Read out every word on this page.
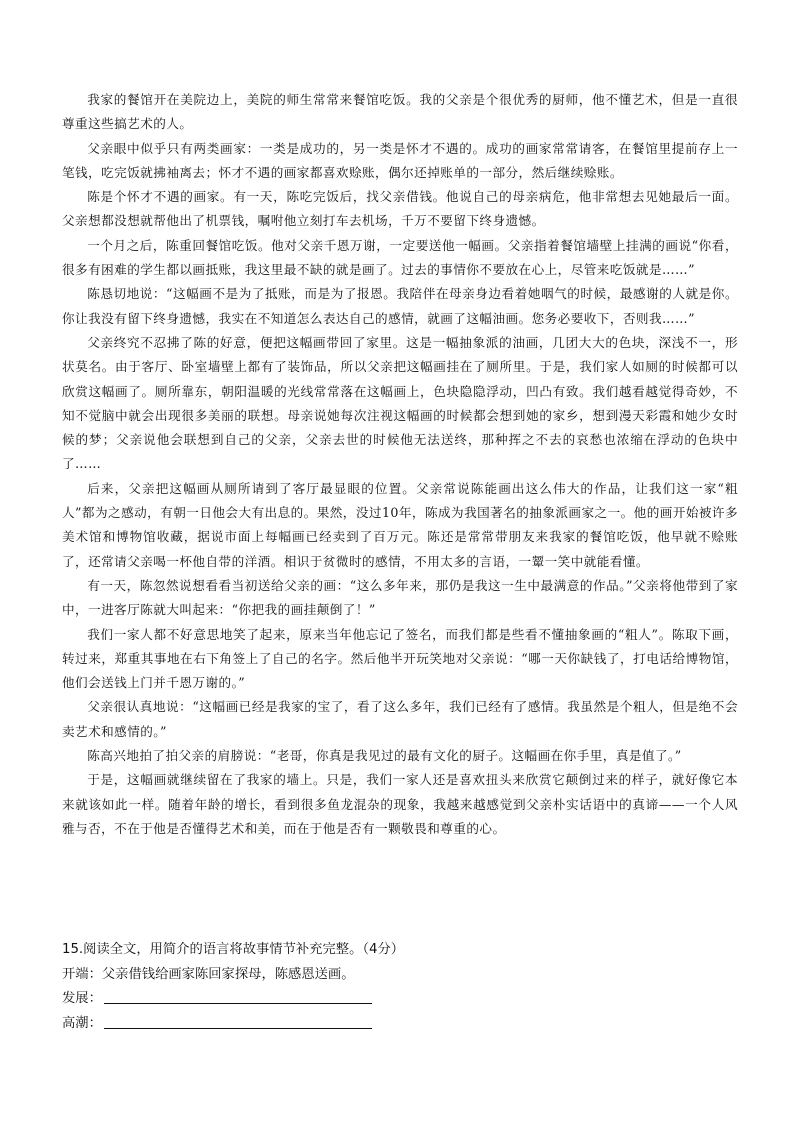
我家的餐馆开在美院边上，美院的师生常常来餐馆吃饭。我的父亲是个很优秀的厨师，他不懂艺术，但是一直很尊重这些搞艺术的人。

父亲眼中似乎只有两类画家：一类是成功的，另一类是怀才不遇的。成功的画家常常请客，在餐馆里提前存上一笔钱，吃完饭就拂袖离去；怀才不遇的画家都喜欢赊账，偶尔还掉账单的一部分，然后继续赊账。

陈是个怀才不遇的画家。有一天，陈吃完饭后，找父亲借钱。他说自己的母亲病危，他非常想去见她最后一面。父亲想都没想就帮他出了机票钱，嘱咐他立刻打车去机场，千万不要留下终身遗憾。

一个月之后，陈重回餐馆吃饭。他对父亲千恩万谢，一定要送他一幅画。父亲指着餐馆墙壁上挂满的画说“你看，很多有困难的学生都以画抵账，我这里最不缺的就是画了。过去的事情你不要放在心上，尽管来吃饭就是……”

陈恳切地说：“这幅画不是为了抵账，而是为了报恩。我陪伴在母亲身边看着她咽气的时候，最感谢的人就是你。你让我没有留下终身遗憾，我实在不知道怎么表达自己的感情，就画了这幅油画。您务必要收下，否则我……”

父亲终究不忍拂了陈的好意，便把这幅画带回了家里。这是一幅抽象派的油画，几团大大的色块，深浅不一，形状莫名。由于客厅、卧室墙壁上都有了装饰品，所以父亲把这幅画挂在了厕所里。于是，我们家人如厕的时候都可以欣赏这幅画了。厕所靠东，朝阳温暖的光线常常落在这幅画上，色块隐隐浮动，凹凸有致。我们越看越觉得奇妙，不知不觉脑中就会出现很多美丽的联想。母亲说她每次注视这幅画的时候都会想到她的家乡，想到漫天彩霞和她少女时候的梦；父亲说他会联想到自己的父亲，父亲去世的时候他无法送终，那种挥之不去的哀愁也浓缩在浮动的色块中了……

后来，父亲把这幅画从厕所请到了客厅最显眼的位置。父亲常说陈能画出这么伟大的作品，让我们这一家“粗人”都为之感动，有朝一日他会大有出息的。果然，没过10年，陈成为我国著名的抽象派画家之一。他的画开始被许多美术馆和博物馆收藏，据说市面上每幅画已经卖到了百万元。陈还是常常带朋友来我家的餐馆吃饭，他早就不赊账了，还常请父亲喝一杯他自带的洋酒。相识于贫微时的感情，不用太多的言语，一颦一笑中就能看懂。

有一天，陈忽然说想看看当初送给父亲的画：“这么多年来，那仍是我这一生中最满意的作品。”父亲将他带到了家中，一进客厅陈就大叫起来：“你把我的画挂颠倒了！”

我们一家人都不好意思地笑了起来，原来当年他忘记了签名，而我们都是些看不懂抽象画的“粗人”。陈取下画，转过来，郑重其事地在右下角签上了自己的名字。然后他半开玩笑地对父亲说：“哪一天你缺钱了，打电话给博物馆，他们会送钱上门并千恩万谢的。”

父亲很认真地说：“这幅画已经是我家的宝了，看了这么多年，我们已经有了感情。我虽然是个粗人，但是绝不会卖艺术和感情的。”

陈高兴地拍了拍父亲的肩膀说：“老哥，你真是我见过的最有文化的厨子。这幅画在你手里，真是值了。”

于是，这幅画就继续留在了我家的墙上。只是，我们一家人还是喜欢扭头来欣赏它颠倒过来的样子，就好像它本来就该如此一样。随着年龄的增长，看到很多鱼龙混杂的现象，我越来越感觉到父亲朴实话语中的真谛——一个人风雅与否，不在于他是否懂得艺术和美，而在于他是否有一颗敬畏和尊重的心。

15.阅读全文，用简介的语言将故事情节补充完整。（4分）
开端：父亲借钱给画家陈回家探母，陈感恩送画。
发展：
高潮：
